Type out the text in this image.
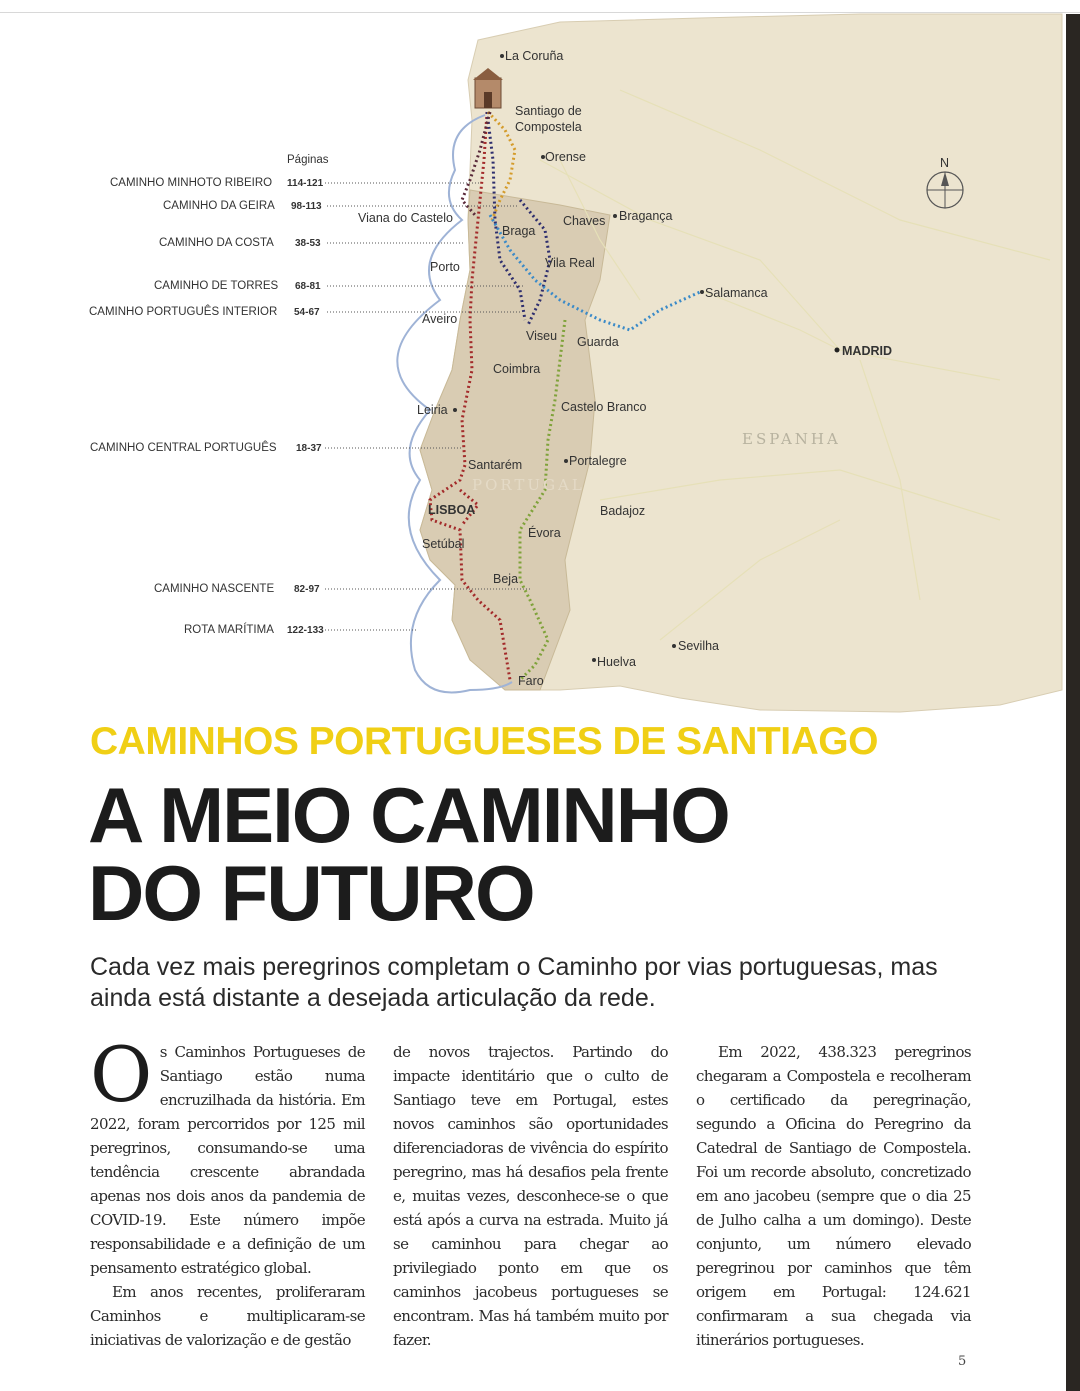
Páginas
CAMINHO MINHOTO RIBEIRO 114-121
CAMINHO DA GEIRA 98-113
CAMINHO DA COSTA 38-53
CAMINHO DE TORRES 68-81
CAMINHO PORTUGUÊS INTERIOR 54-67
CAMINHO CENTRAL PORTUGUÊS 18-37
CAMINHO NASCENTE 82-97
ROTA MARÍTIMA 122-133
N
La Coruña
Santiago de
Compostela
Orense
Viana do Castelo	Chaves Bragança
Braga
Porto	Vila Real
Salamanca
Aveiro
Viseu Guarda
MADRID
Coimbra
Leiria	Castelo Branco
Santarém	Portalegre
LISBOA	Badajoz
Setúbal
Évora
Beja
Sevilha
Huelva
Faro
ESPANHA
PORTUGAL
CAMINHOS PORTUGUESES DE SANTIAGO
A MEIO CAMINHO
DO FUTURO
Cada vez mais peregrinos completam o Caminho por vias portuguesas, mas ainda está distante a desejada articulação da rede.

Os Caminhos Portugueses de Santiago estão numa encruzilhada da história. Em 2022, foram percorridos por 125 mil peregrinos, consumando-se uma tendência crescente abrandada apenas nos dois anos da pandemia de COVID-19. Este número impõe responsabilidade e a definição de um pensamento estratégico global.

Em anos recentes, proliferaram Caminhos e multiplicaram-se iniciativas de valorização e de gestão

de novos trajectos. Partindo do impacte identitário que o culto de Santiago teve em Portugal, estes novos caminhos são oportunidades diferenciadoras de vivência do espírito peregrino, mas há desafios pela frente e, muitas vezes, desconhece-se o que está após a curva na estrada. Muito já se caminhou para chegar ao privilegiado ponto em que os caminhos jacobeus portugueses se encontram. Mas há também muito por fazer.

Em 2022, 438.323 peregrinos chegaram a Compostela e recolheram o certificado da peregrinação, segundo a Oficina do Peregrino da Catedral de Santiago de Compostela. Foi um recorde absoluto, concretizado em ano jacobeu (sempre que o dia 25 de Julho calha a um domingo). Deste conjunto, um número elevado peregrinou por caminhos que têm origem em Portugal: 124.621 confirmaram a sua chegada via itinerários portugueses.

5
